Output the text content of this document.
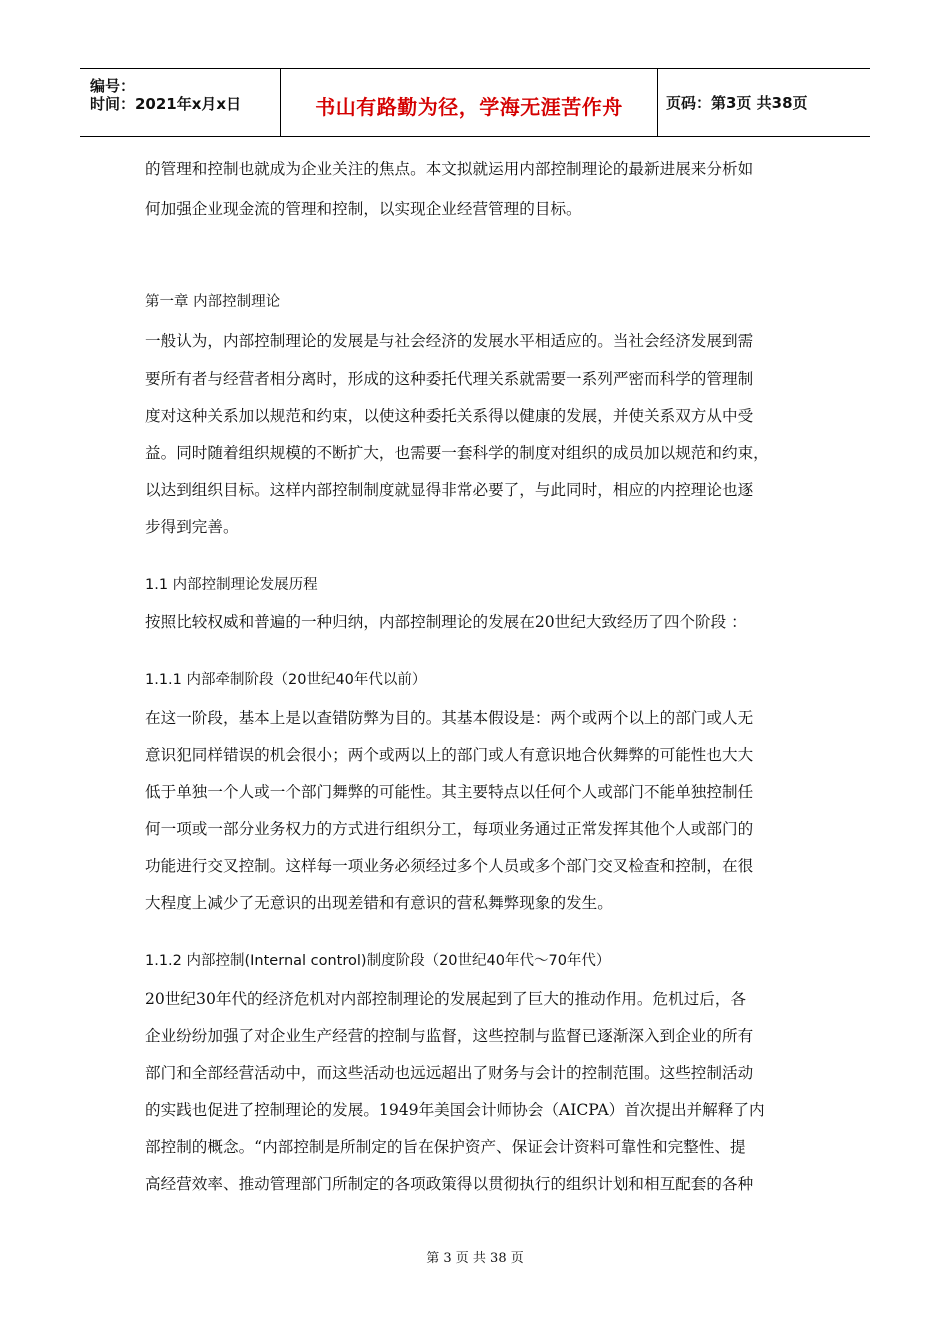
编号：
时间：2021年x月x日	书山有路勤为径，学海无涯苦作舟	页码：第3页 共38页
的管理和控制也就成为企业关注的焦点。本文拟就运用内部控制理论的最新进展来分析如
何加强企业现金流的管理和控制，以实现企业经营管理的目标。
第一章 内部控制理论
一般认为，内部控制理论的发展是与社会经济的发展水平相适应的。当社会经济发展到需
要所有者与经营者相分离时，形成的这种委托代理关系就需要一系列严密而科学的管理制
度对这种关系加以规范和约束，以使这种委托关系得以健康的发展，并使关系双方从中受
益。同时随着组织规模的不断扩大，也需要一套科学的制度对组织的成员加以规范和约束，
以达到组织目标。这样内部控制制度就显得非常必要了，与此同时，相应的内控理论也逐
步得到完善。
1.1 内部控制理论发展历程
按照比较权威和普遍的一种归纳，内部控制理论的发展在20世纪大致经历了四个阶段 ：
1.1.1 内部牵制阶段（20世纪40年代以前）
在这一阶段，基本上是以查错防弊为目的。其基本假设是：两个或两个以上的部门或人无
意识犯同样错误的机会很小；两个或两以上的部门或人有意识地合伙舞弊的可能性也大大
低于单独一个人或一个部门舞弊的可能性。其主要特点以任何个人或部门不能单独控制任
何一项或一部分业务权力的方式进行组织分工，每项业务通过正常发挥其他个人或部门的
功能进行交叉控制。这样每一项业务必须经过多个人员或多个部门交叉检查和控制，在很
大程度上减少了无意识的出现差错和有意识的营私舞弊现象的发生。
1.1.2 内部控制(Internal control)制度阶段（20世纪40年代～70年代）
20世纪30年代的经济危机对内部控制理论的发展起到了巨大的推动作用。危机过后，各
企业纷纷加强了对企业生产经营的控制与监督，这些控制与监督已逐渐深入到企业的所有
部门和全部经营活动中，而这些活动也远远超出了财务与会计的控制范围。这些控制活动
的实践也促进了控制理论的发展。1949年美国会计师协会（AICPA）首次提出并解释了内
部控制的概念。“内部控制是所制定的旨在保护资产、保证会计资料可靠性和完整性、提
高经营效率、推动管理部门所制定的各项政策得以贯彻执行的组织计划和相互配套的各种
第 3 页 共 38 页
